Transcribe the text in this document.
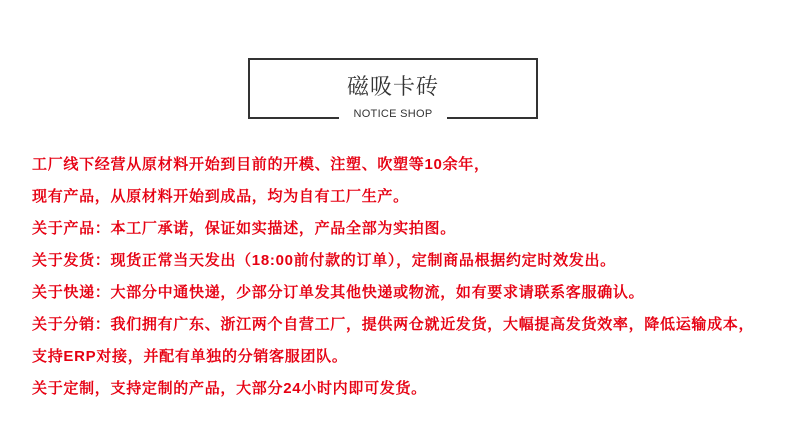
磁吸卡砖
NOTICE SHOP
工厂线下经营从原材料开始到目前的开模、注塑、吹塑等10余年，
现有产品，从原材料开始到成品，均为自有工厂生产。
关于产品：本工厂承诺，保证如实描述，产品全部为实拍图。
关于发货：现货正常当天发出（18:00前付款的订单），定制商品根据约定时效发出。
关于快递：大部分中通快递，少部分订单发其他快递或物流，如有要求请联系客服确认。
关于分销：我们拥有广东、浙江两个自营工厂，提供两仓就近发货，大幅提高发货效率，降低运输成本，
支持ERP对接，并配有单独的分销客服团队。
关于定制，支持定制的产品，大部分24小时内即可发货。
